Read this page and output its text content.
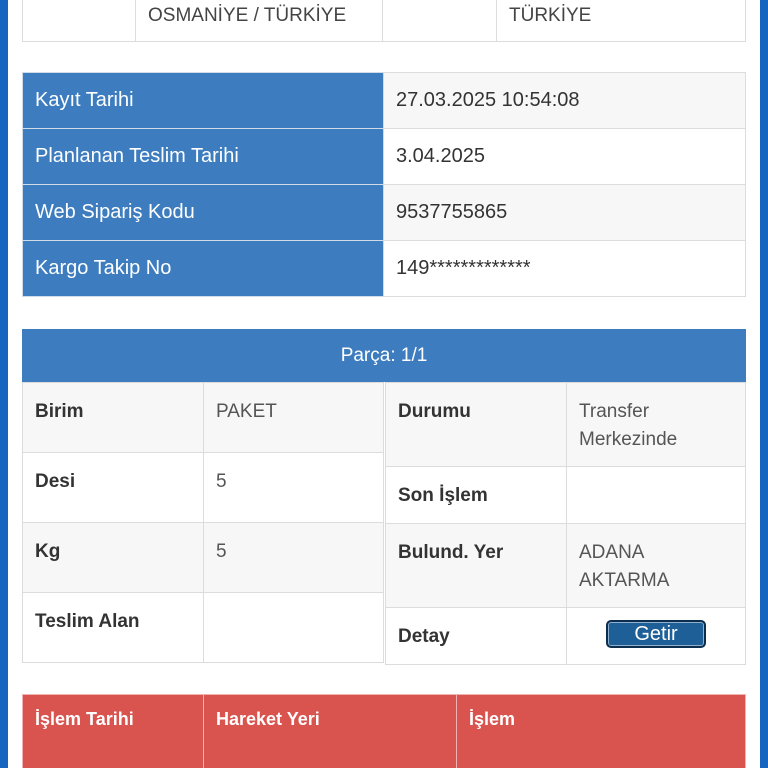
OSMANİYE / TÜRKİYE		TÜRKİYE
Kayıt Tarihi	27.03.2025 10:54:08
Planlanan Teslim Tarihi	3.04.2025
Web Sipariş Kodu	9537755865
Kargo Takip No	149*************
Parça: 1/1
Birim	PAKET

Desi	5

Kg	5

Teslim Alan	

Durumu	Transfer Merkezinde

Son İşlem	

Bulund. Yer	ADANA AKTARMA

Detay	Getir
İşlem Tarihi	Hareket Yeri	İşlem
